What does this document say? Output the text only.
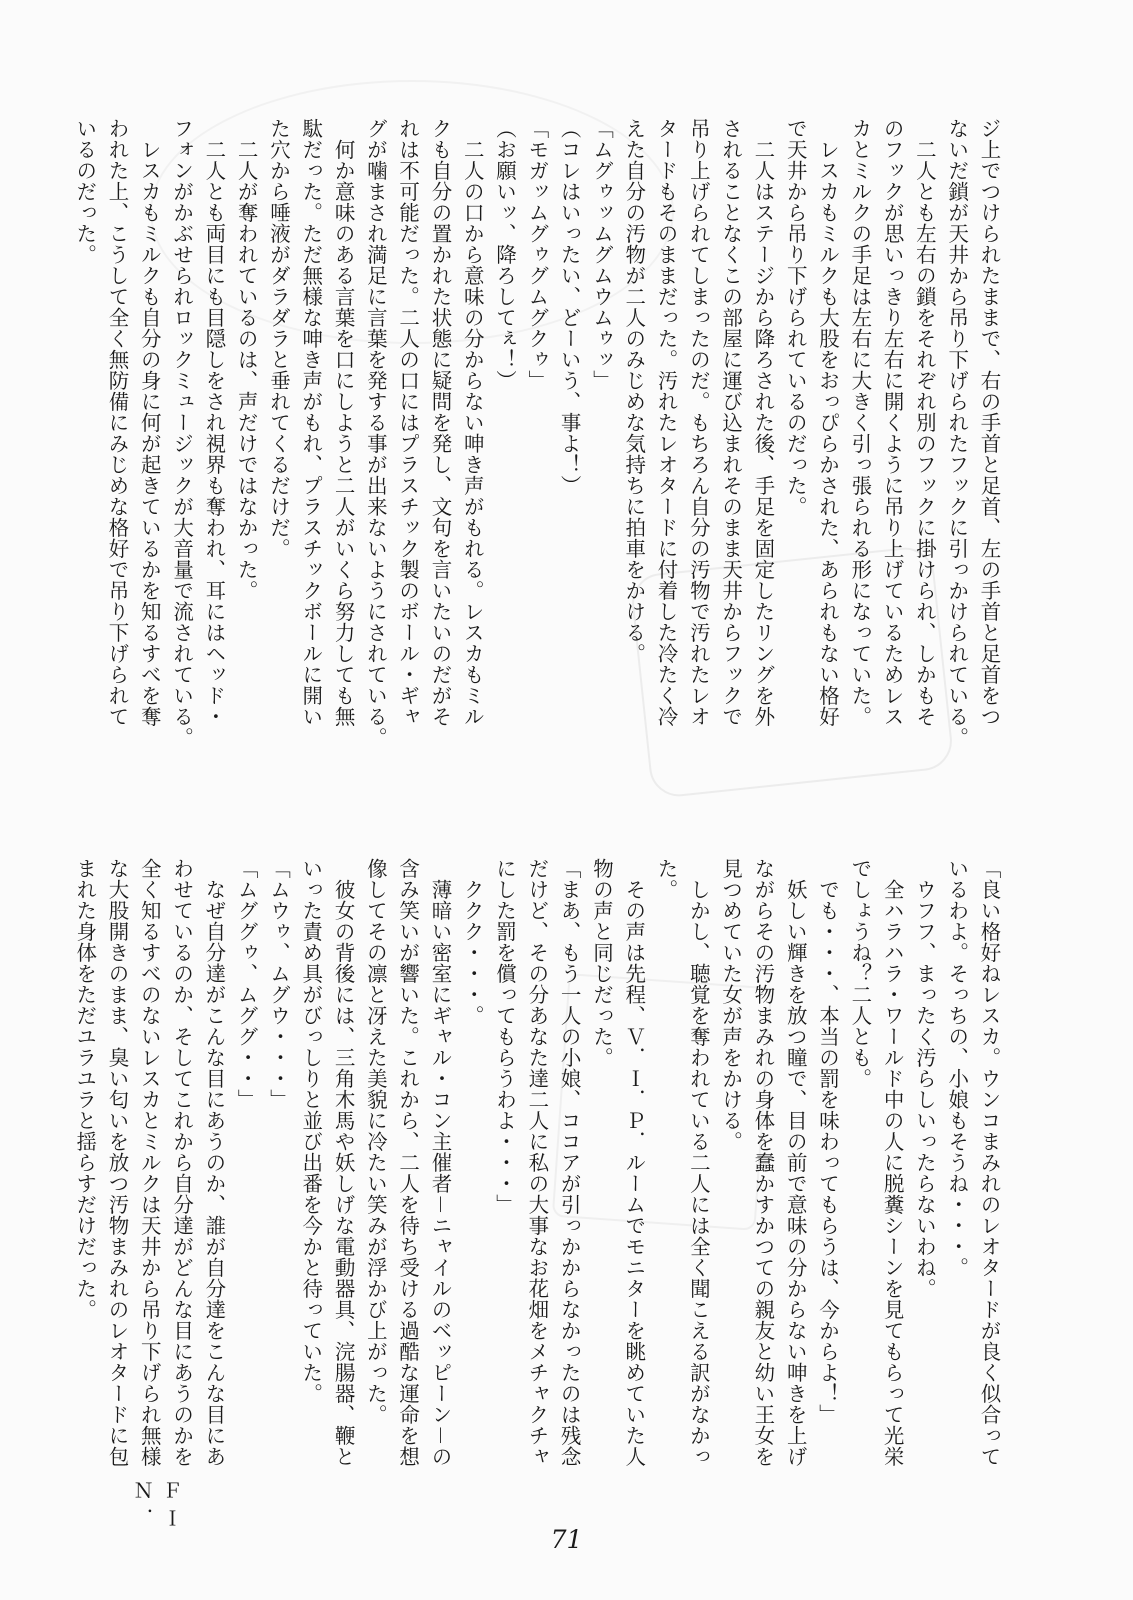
ジ上でつけられたままで、右の手首と足首、左の手首と足首をつ
ないだ鎖が天井から吊り下げられたフックに引っかけられている。
　二人とも左右の鎖をそれぞれ別のフックに掛けられ、しかもそ
のフックが思いっきり左右に開くように吊り上げているためレス
カとミルクの手足は左右に大きく引っ張られる形になっていた。
　レスカもミルクも大股をおっぴらかされた、あられもない格好
で天井から吊り下げられているのだった。
　二人はステージから降ろされた後、手足を固定したリングを外
されることなくこの部屋に運び込まれそのまま天井からフックで
吊り上げられてしまったのだ。もちろん自分の汚物で汚れたレオ
タードもそのままだった。汚れたレオタードに付着した冷たく冷
えた自分の汚物が二人のみじめな気持ちに拍車をかける。
「ムグゥッムグムウムゥッ」
（コレはいったい、どーいう、事よ！）
「モガッムグゥグムグクゥ」
（お願いッ、降ろしてぇ！）
　二人の口から意味の分からない呻き声がもれる。レスカもミル
クも自分の置かれた状態に疑問を発し、文句を言いたいのだがそ
れは不可能だった。二人の口にはプラスチック製のボール・ギャ
グが噛まされ満足に言葉を発する事が出来ないようにされている。
　何か意味のある言葉を口にしようと二人がいくら努力しても無
駄だった。ただ無様な呻き声がもれ、プラスチックボールに開い
た穴から唾液がダラダラと垂れてくるだけだ。
　二人が奪われているのは、声だけではなかった。
　二人とも両目にも目隠しをされ視界も奪われ、耳にはヘッド・
フォンがかぶせられロックミュージックが大音量で流されている。
　レスカもミルクも自分の身に何が起きているかを知るすべを奪
われた上、こうして全く無防備にみじめな格好で吊り下げられて
いるのだった。
「良い格好ねレスカ。ウンコまみれのレオタードが良く似合って
いるわよ。そっちの、小娘もそうね・・・。
　ウフフ、まったく汚らしいったらないわね。
　全ハラハラ・ワールド中の人に脱糞シーンを見てもらって光栄
でしょうね？二人とも。
　でも・・・、本当の罰を味わってもらうは、今からよ！」
　妖しい輝きを放つ瞳で、目の前で意味の分からない呻きを上げ
ながらその汚物まみれの身体を蠢かすかつての親友と幼い王女を
見つめていた女が声をかける。
　しかし、聴覚を奪われている二人には全く聞こえる訳がなかっ
た。
　その声は先程、Ｖ．Ｉ．Ｐ．ルームでモニターを眺めていた人
物の声と同じだった。
「まあ、もう一人の小娘、ココアが引っかからなかったのは残念
だけど、その分あなた達二人に私の大事なお花畑をメチャクチャ
にした罰を償ってもらうわよ・・・」
　ククク・・・。
　薄暗い密室にギャル・コン主催者－ニャイルのベッピーン－の
含み笑いが響いた。これから、二人を待ち受ける過酷な運命を想
像してその凛と冴えた美貌に冷たい笑みが浮かび上がった。
　彼女の背後には、三角木馬や妖しげな電動器具、浣腸器、鞭と
いった責め具がびっしりと並び出番を今かと待っていた。
「ムウゥ、ムグウ・・・」
「ムググゥ、ムググ・・」
　なぜ自分達がこんな目にあうのか、誰が自分達をこんな目にあ
わせているのか、そしてこれから自分達がどんな目にあうのかを
全く知るすべのないレスカとミルクは天井から吊り下げられ無様
な大股開きのまま、臭い匂いを放つ汚物まみれのレオタードに包
まれた身体をただユラユラと揺らすだけだった。
ＦＩＮ．
71
